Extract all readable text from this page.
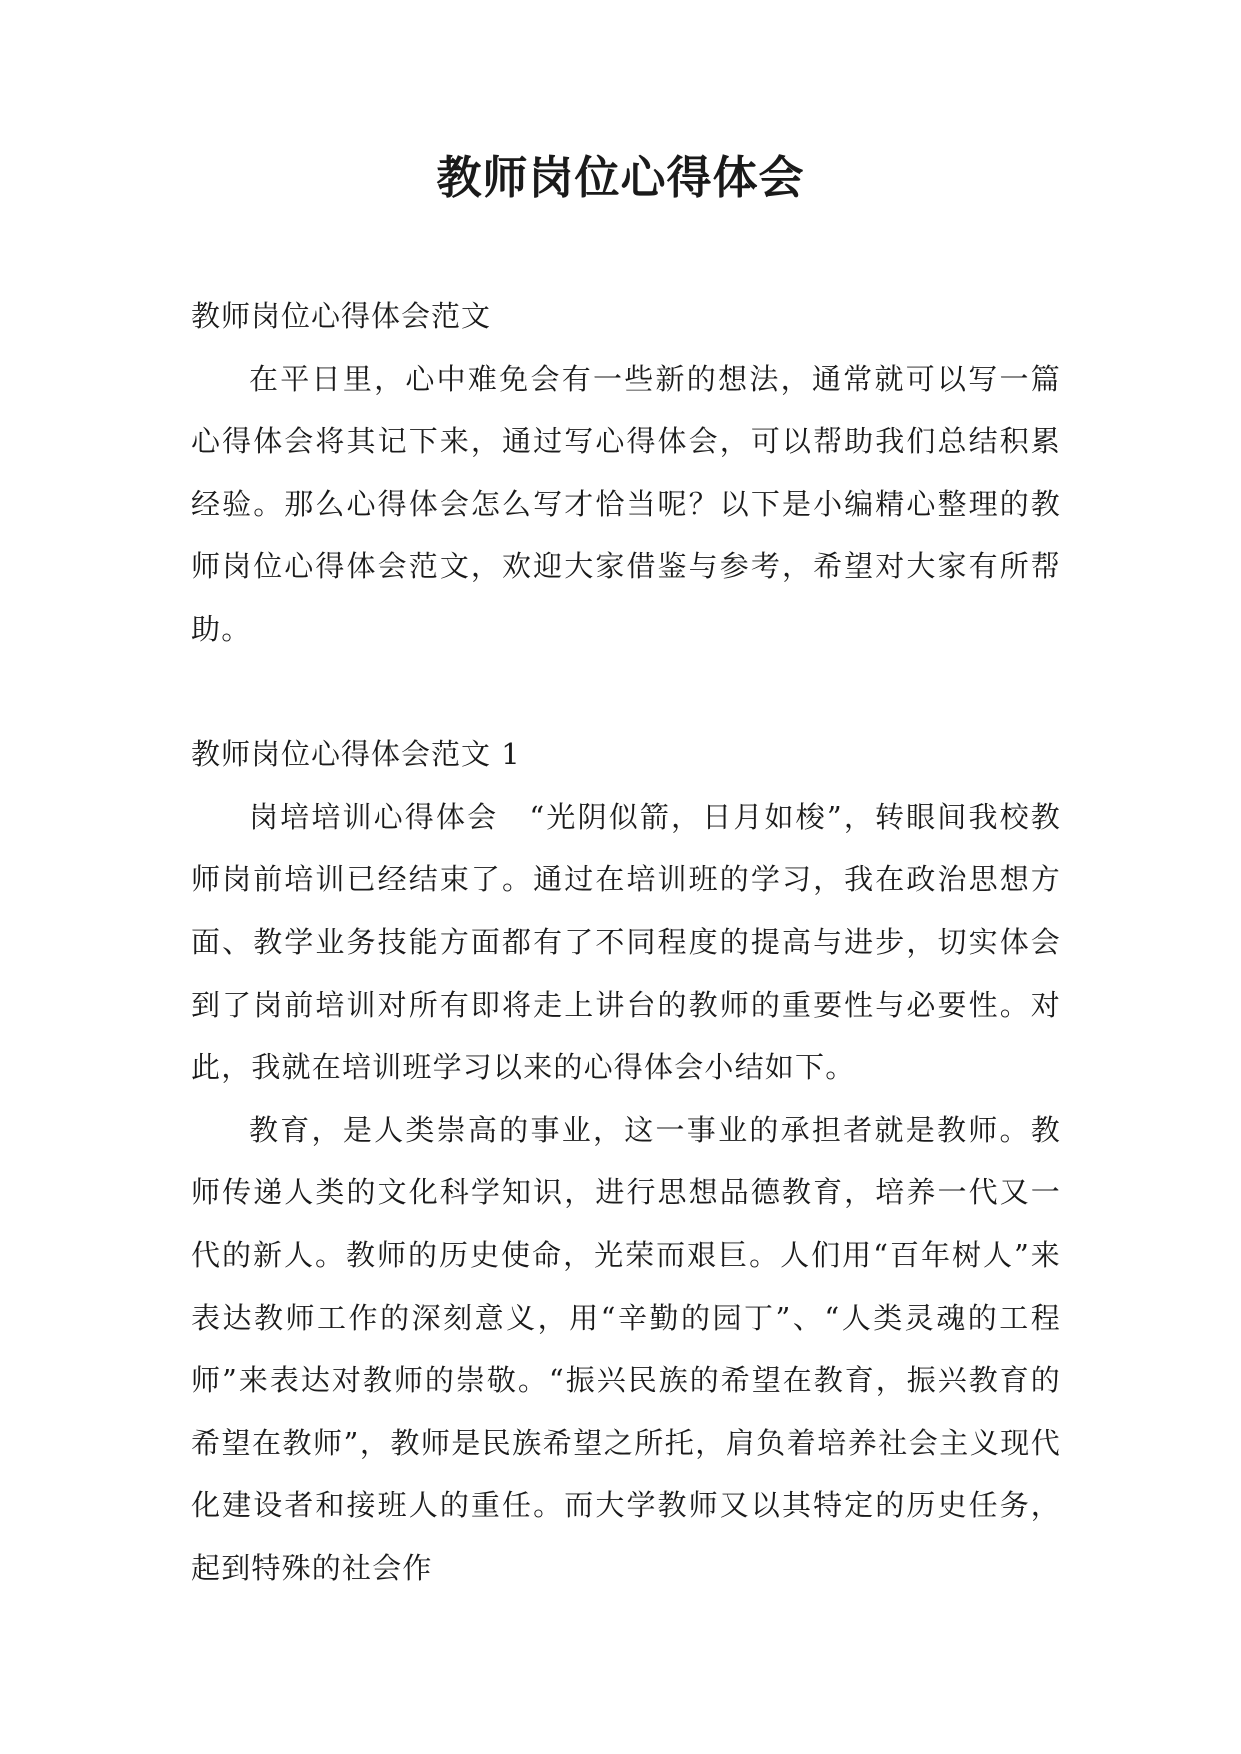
教师岗位心得体会

教师岗位心得体会范文

在平日里，心中难免会有一些新的想法，通常就可以写一篇心得体会将其记下来，通过写心得体会，可以帮助我们总结积累经验。那么心得体会怎么写才恰当呢？以下是小编精心整理的教师岗位心得体会范文，欢迎大家借鉴与参考，希望对大家有所帮助。

教师岗位心得体会范文 1

岗培培训心得体会　“光阴似箭，日月如梭”，转眼间我校教师岗前培训已经结束了。通过在培训班的学习，我在政治思想方面、教学业务技能方面都有了不同程度的提高与进步，切实体会到了岗前培训对所有即将走上讲台的教师的重要性与必要性。对此，我就在培训班学习以来的心得体会小结如下。

教育，是人类崇高的事业，这一事业的承担者就是教师。教师传递人类的文化科学知识，进行思想品德教育，培养一代又一代的新人。教师的历史使命，光荣而艰巨。人们用“百年树人”来表达教师工作的深刻意义，用“辛勤的园丁”、“人类灵魂的工程师”来表达对教师的崇敬。“振兴民族的希望在教育，振兴教育的希望在教师”，教师是民族希望之所托，肩负着培养社会主义现代化建设者和接班人的重任。而大学教师又以其特定的历史任务，起到特殊的社会作
